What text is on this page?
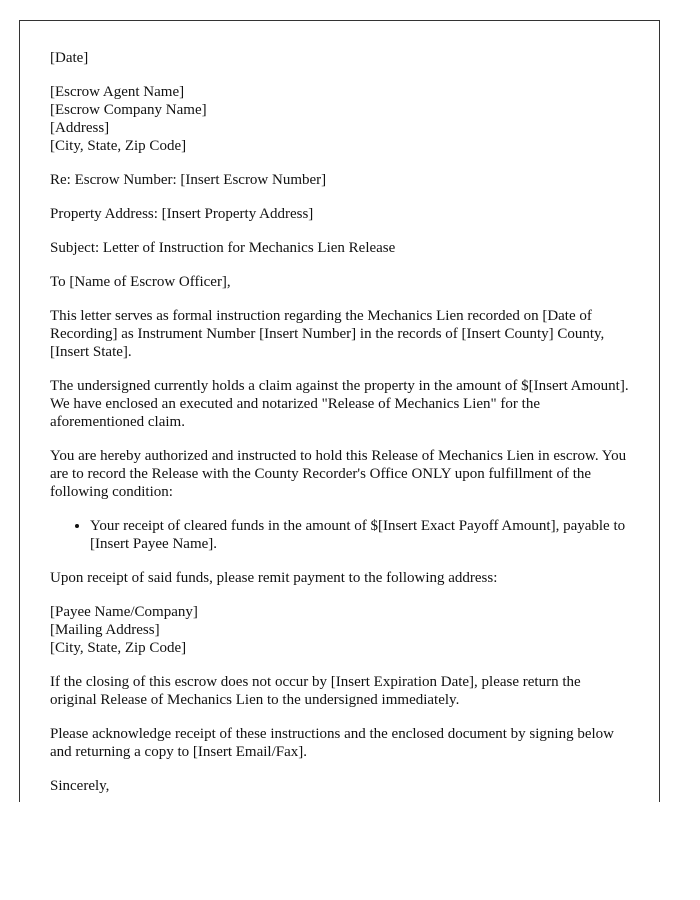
[Date]

[Escrow Agent Name]
[Escrow Company Name]
[Address]
[City, State, Zip Code]

Re: Escrow Number: [Insert Escrow Number]

Property Address: [Insert Property Address]

Subject: Letter of Instruction for Mechanics Lien Release

To [Name of Escrow Officer],

This letter serves as formal instruction regarding the Mechanics Lien recorded on [Date of Recording] as Instrument Number [Insert Number] in the records of [Insert County] County, [Insert State].

The undersigned currently holds a claim against the property in the amount of $[Insert Amount]. We have enclosed an executed and notarized "Release of Mechanics Lien" for the aforementioned claim.

You are hereby authorized and instructed to hold this Release of Mechanics Lien in escrow. You are to record the Release with the County Recorder's Office ONLY upon fulfillment of the following condition:

• Your receipt of cleared funds in the amount of $[Insert Exact Payoff Amount], payable to [Insert Payee Name].

Upon receipt of said funds, please remit payment to the following address:

[Payee Name/Company]
[Mailing Address]
[City, State, Zip Code]

If the closing of this escrow does not occur by [Insert Expiration Date], please return the original Release of Mechanics Lien to the undersigned immediately.

Please acknowledge receipt of these instructions and the enclosed document by signing below and returning a copy to [Insert Email/Fax].

Sincerely,
